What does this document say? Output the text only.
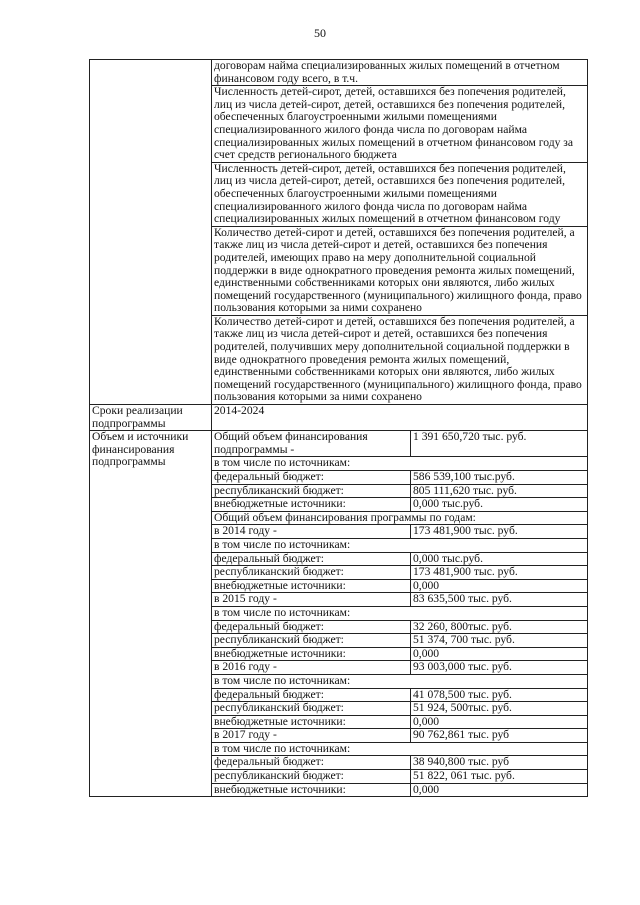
50
	договорам найма специализированных жилых помещений в отчетном финансовом году всего, в т.ч.	
	Численность детей-сирот, детей, оставшихся без попечения родителей, лиц из числа детей-сирот, детей, оставшихся без попечения родителей, обеспеченных благоустроенными жилыми помещениями специализированного жилого фонда числа по договорам найма специализированных жилых помещений в отчетном финансовом году за счет средств регионального бюджета	
	Численность детей-сирот, детей, оставшихся без попечения родителей, лиц из числа детей-сирот, детей, оставшихся без попечения родителей, обеспеченных благоустроенными жилыми помещениями специализированного жилого фонда числа по договорам найма специализированных жилых помещений в отчетном финансовом году	
	Количество детей-сирот и детей, оставшихся без попечения родителей, а также лиц из числа детей-сирот и детей, оставшихся без попечения родителей, имеющих право на меру дополнительной социальной поддержки в виде однократного проведения ремонта жилых помещений, единственными собственниками которых они являются, либо жилых помещений государственного (муниципального) жилищного фонда, право пользования которыми за ними сохранено	
	Количество детей-сирот и детей, оставшихся без попечения родителей, а также лиц из числа детей-сирот и детей, оставшихся без попечения родителей, получивших меру дополнительной социальной поддержки в виде однократного проведения ремонта жилых помещений, единственными собственниками которых они являются, либо жилых помещений государственного (муниципального) жилищного фонда, право пользования которыми за ними сохранено	
Сроки реализации подпрограммы	2014-2024	
Объем и источники финансирования подпрограммы	Общий объем финансирования подпрограммы -	1 391 650,720 тыс. руб.
	в том числе по источникам:	
	федеральный бюджет:	586 539,100 тыс.руб.
	республиканский бюджет:	805 111,620 тыс. руб.
	внебюджетные источники:	0,000 тыс.руб.
	Общий объем финансирования программы по годам:	
	в 2014 году -	173 481,900 тыс. руб.
	в том числе по источникам:	
	федеральный бюджет:	0,000 тыс.руб.
	республиканский бюджет:	173 481,900 тыс. руб.
	внебюджетные источники:	0,000
	в 2015 году -	83 635,500 тыс. руб.
	в том числе по источникам:	
	федеральный бюджет:	32 260, 800тыс. руб.
	республиканский бюджет:	51 374, 700 тыс. руб.
	внебюджетные источники:	0,000
	в 2016 году -	93 003,000 тыс. руб.
	в том числе по источникам:	
	федеральный бюджет:	41 078,500 тыс. руб.
	республиканский бюджет:	51 924, 500тыс. руб.
	внебюджетные источники:	0,000
	в 2017 году -	90 762,861 тыс. руб
	в том числе по источникам:	
	федеральный бюджет:	38 940,800 тыс. руб
	республиканский бюджет:	51 822, 061 тыс. руб.
	внебюджетные источники:	0,000
